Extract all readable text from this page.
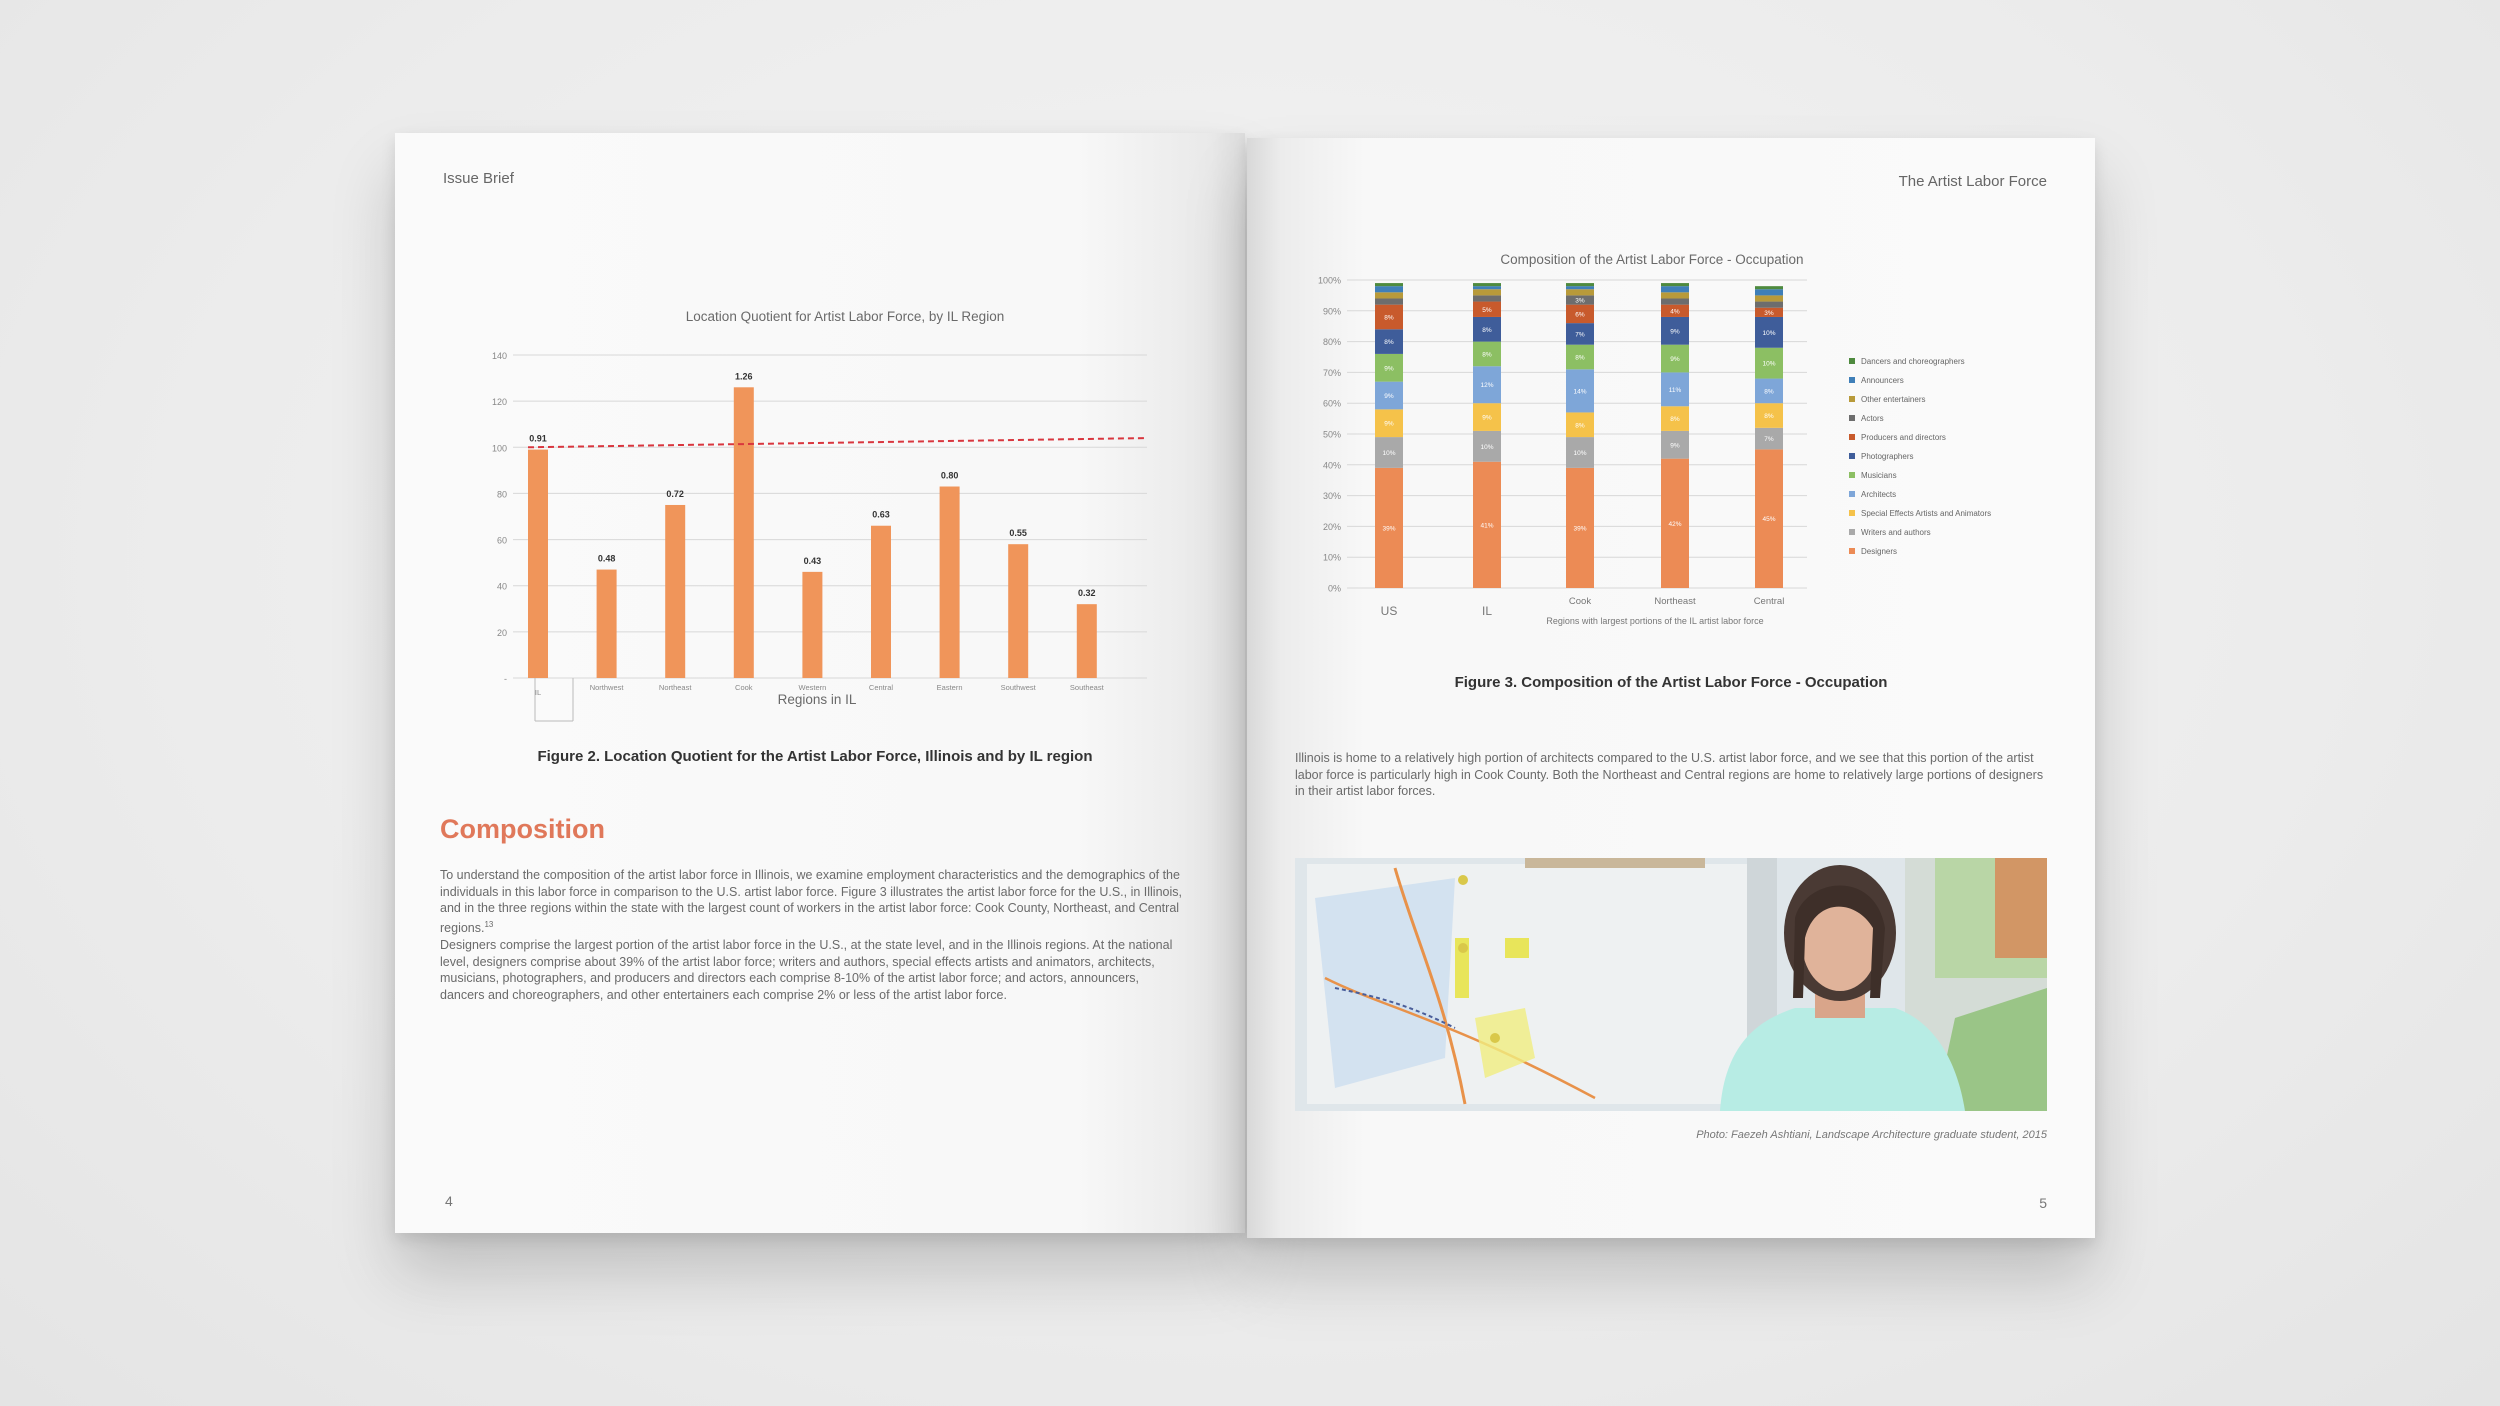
Issue Brief
Location Quotient for Artist Labor Force, by IL Region
-
20
40
60
80
100
120
140
0.91
0.48
0.72
1.26
0.43
0.63
0.80
0.55
0.32
IL
Northwest	Northeast	Cook	Western	Central	Eastern	Southwest	Southeast
Regions in IL
Figure 2. Location Quotient for the Artist Labor Force, Illinois and by IL region
Composition

To understand the composition of the artist labor force in Illinois, we examine employment characteristics and the demographics of the individuals in this labor force in comparison to the U.S. artist labor force. Figure 3 illustrates the artist labor force for the U.S., in Illinois, and in the three regions within the state with the largest count of workers in the artist labor force: Cook County, Northeast, and Central regions.$^{13}$

Designers comprise the largest portion of the artist labor force in the U.S., at the state level, and in the Illinois regions. At the national level, designers comprise about 39% of the artist labor force; writers and authors, special effects artists and animators, architects, musicians, photographers, and producers and directors each comprise 8-10% of the artist labor force; and actors, announcers, dancers and choreographers, and other entertainers each comprise 2% or less of the artist labor force.

4
The Artist Labor Force
Composition of the Artist Labor Force - Occupation
0%
10%
20%
30%
40%
50%
60%
70%
80%
90%
100%
39%
10%
9%
9%
9%
8%
8%
41%
10%
9%
12%
8%
8%
5%
39%
10%
8%
14%
8%
7%
6%
3%
42%
9%
8%
11%
9%
9%
4%
45%
7%
8%
8%
10%
10%
3%
US	IL
Cook	Northeast	Central
Dancers and choreographers
Announcers
Other entertainers
Actors
Producers and directors
Photographers
Musicians
Architects
Special Effects Artists and Animators
Writers and authors
Designers
Regions with largest portions of the IL artist labor force
Figure 3. Composition of the Artist Labor Force - Occupation

Illinois is home to a relatively high portion of architects compared to the U.S. artist labor force, and we see that this portion of the artist labor force is particularly high in Cook County. Both the Northeast and Central regions are home to relatively large portions of designers in their artist labor forces.

Photo: Faezeh Ashtiani, Landscape Architecture graduate student, 2015
5
